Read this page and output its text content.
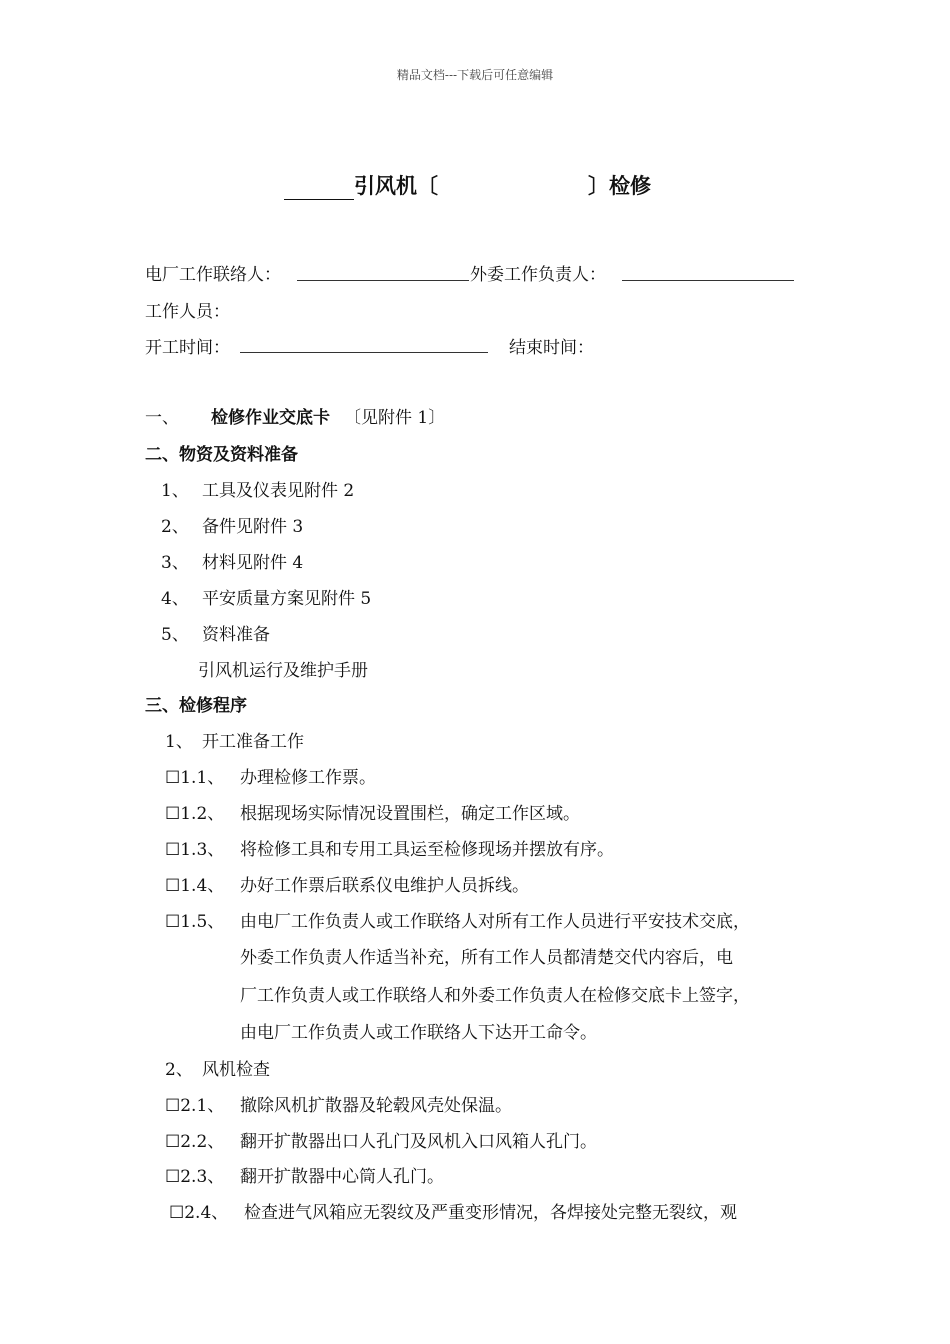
精品文档---下载后可任意编辑
引风机〔	〕检修
电厂工作联络人：	外委工作负责人：
工作人员：
开工时间：	结束时间：
一、 检修作业交底卡 〔见附件 1〕
二、物资及资料准备
1、 工具及仪表见附件 2
2、 备件见附件 3
3、 材料见附件 4
4、 平安质量方案见附件 5
5、 资料准备
引风机运行及维护手册
三、检修程序
1、 开工准备工作
☐1.1、 办理检修工作票。
☐1.2、 根据现场实际情况设置围栏，确定工作区域。
☐1.3、 将检修工具和专用工具运至检修现场并摆放有序。
☐1.4、 办好工作票后联系仪电维护人员拆线。
☐1.5、 由电厂工作负责人或工作联络人对所有工作人员进行平安技术交底，
外委工作负责人作适当补充，所有工作人员都清楚交代内容后，电
厂工作负责人或工作联络人和外委工作负责人在检修交底卡上签字，
由电厂工作负责人或工作联络人下达开工命令。
2、 风机检查
☐2.1、 撤除风机扩散器及轮毂风壳处保温。
☐2.2、 翻开扩散器出口人孔门及风机入口风箱人孔门。
☐2.3、 翻开扩散器中心筒人孔门。
☐2.4、 检查进气风箱应无裂纹及严重变形情况，各焊接处完整无裂纹，观
